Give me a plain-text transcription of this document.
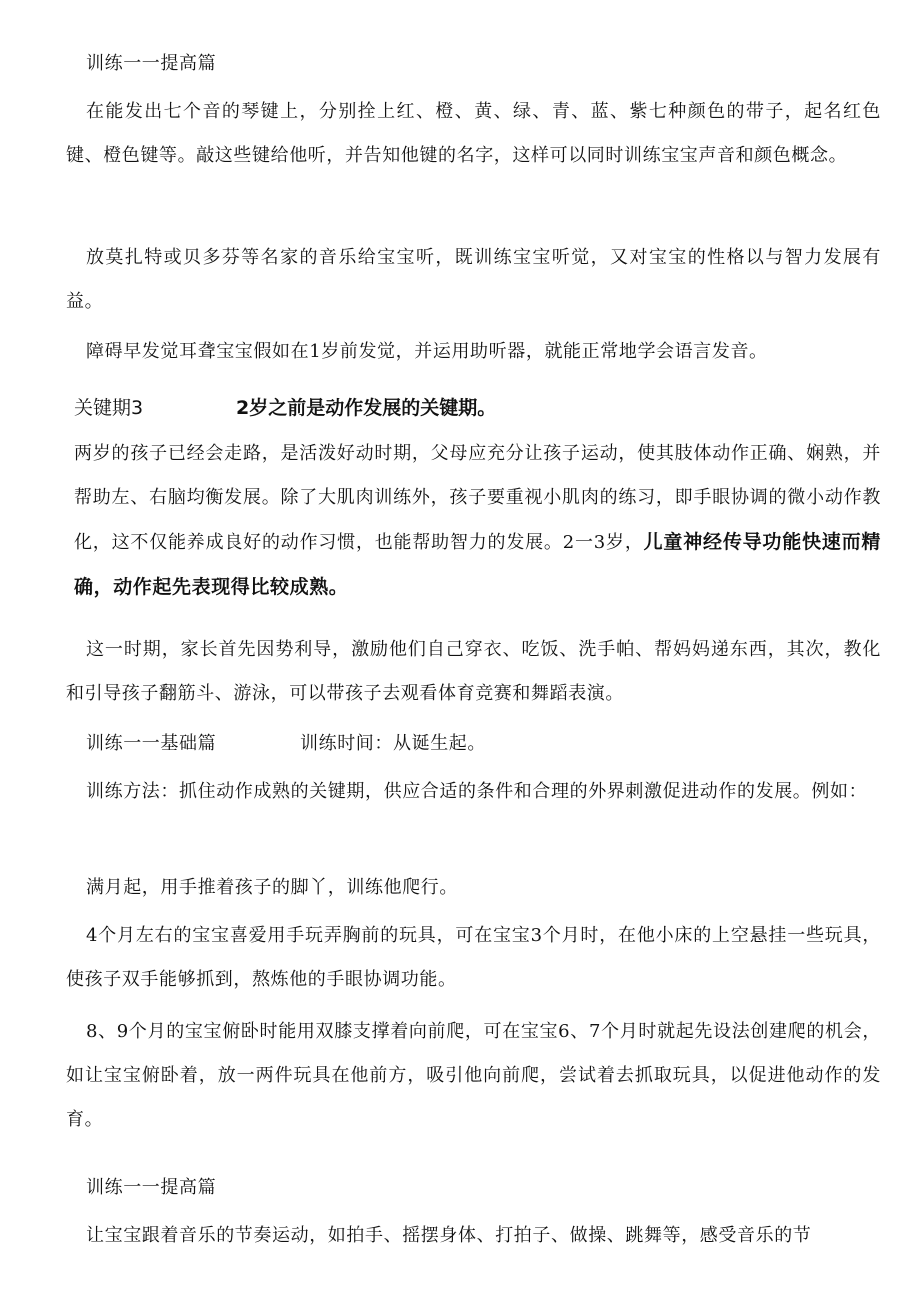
训练一一提高篇

在能发出七个音的琴键上，分别拴上红、橙、黄、绿、青、蓝、紫七种颜色的带子，起名红色键、橙色键等。敲这些键给他听，并告知他键的名字，这样可以同时训练宝宝声音和颜色概念。

放莫扎特或贝多芬等名家的音乐给宝宝听，既训练宝宝听觉，又对宝宝的性格以与智力发展有益。

障碍早发觉耳聋宝宝假如在1岁前发觉，并运用助听器，就能正常地学会语言发音。
关键期3	2岁之前是动作发展的关键期。

两岁的孩子已经会走路，是活泼好动时期，父母应充分让孩子运动，使其肢体动作正确、娴熟，并帮助左、右脑均衡发展。除了大肌肉训练外，孩子要重视小肌肉的练习，即手眼协调的微小动作教化，这不仅能养成良好的动作习惯，也能帮助智力的发展。2一3岁，儿童神经传导功能快速而精确，动作起先表现得比较成熟。

这一时期，家长首先因势利导，激励他们自己穿衣、吃饭、洗手帕、帮妈妈递东西，其次，教化和引导孩子翻筋斗、游泳，可以带孩子去观看体育竞赛和舞蹈表演。

训练一一基础篇	训练时间：从诞生起。

训练方法：抓住动作成熟的关键期，供应合适的条件和合理的外界刺激促进动作的发展。例如：

满月起，用手推着孩子的脚丫，训练他爬行。

4个月左右的宝宝喜爱用手玩弄胸前的玩具，可在宝宝3个月时，在他小床的上空悬挂一些玩具，使孩子双手能够抓到，熬炼他的手眼协调功能。

8、9个月的宝宝俯卧时能用双膝支撑着向前爬，可在宝宝6、7个月时就起先设法创建爬的机会，如让宝宝俯卧着，放一两件玩具在他前方，吸引他向前爬，尝试着去抓取玩具，以促进他动作的发育。

训练一一提高篇
让宝宝跟着音乐的节奏运动，如拍手、摇摆身体、打拍子、做操、跳舞等，感受音乐的节
